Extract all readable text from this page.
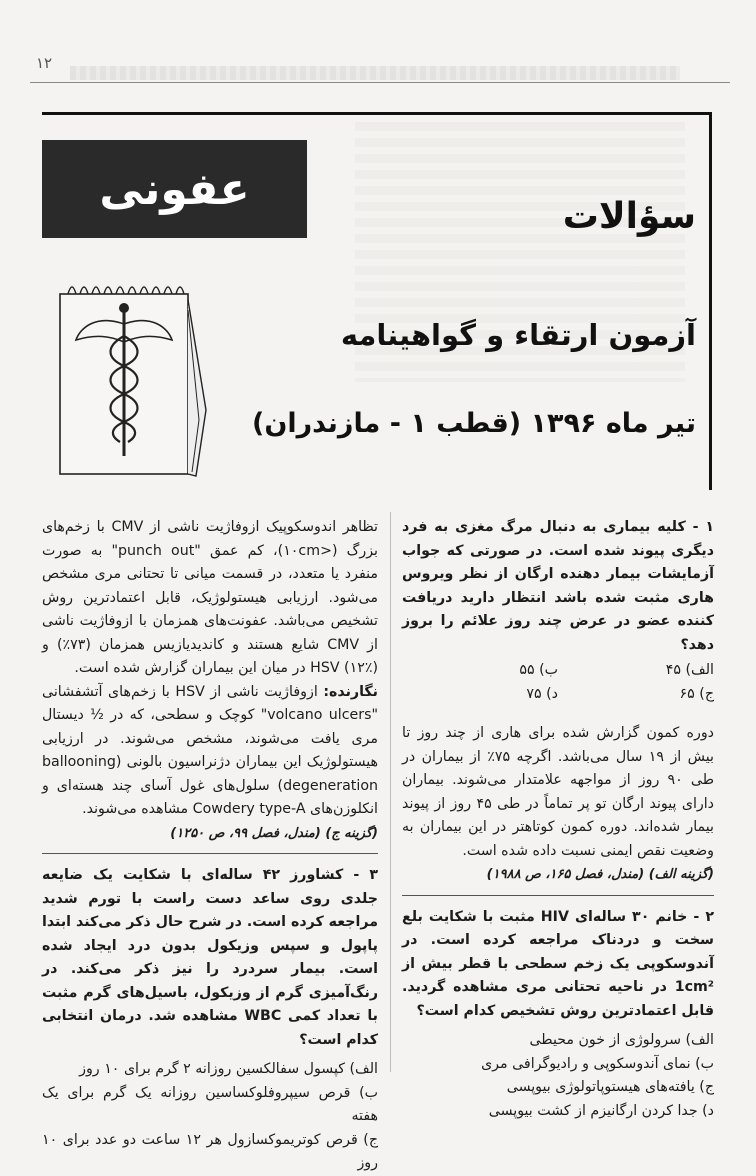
۱۲
عفونی
سؤالات
آزمون ارتقاء و گواهینامه
تیر ماه ۱۳۹۶ (قطب ۱ - مازندران)

۱ - کلیه بیماری به دنبال مرگ مغزی به فرد دیگری پیوند شده است. در صورتی که جواب آزمایشات بیمار دهنده ارگان از نظر ویروس هاری مثبت شده باشد انتظار دارید دریافت کننده عضو در عرض چند روز علائم را بروز دهد؟

الف) ۴۵
ب) ۵۵
ج) ۶۵
د) ۷۵

دوره کمون گزارش شده برای هاری از چند روز تا بیش از ۱۹ سال می‌باشد. اگرچه ۷۵٪ از بیماران در طی ۹۰ روز از مواجهه علامتدار می‌شوند. بیماران دارای پیوند ارگان تو پر تماماً در طی ۴۵ روز از پیوند بیمار شده‌اند. دوره کمون کوتاهتر در این بیماران به وضعیت نقص ایمنی نسبت داده شده است.

(گزینه الف) (مندل، فصل ۱۶۵، ص ۱۹۸۸)

۲ - خانم ۳۰ ساله‌ای HIV مثبت با شکایت بلع سخت و دردناک مراجعه کرده است. در آندوسکوپی یک زخم سطحی با قطر بیش از 1cm² در ناحیه تحتانی مری مشاهده گردید. قابل اعتمادترین روش تشخیص کدام است؟

الف) سرولوژی از خون محیطی
ب) نمای آندوسکوپی و رادیوگرافی مری
ج) یافته‌های هیستوپاتولوژی بیوپسی
د) جدا کردن ارگانیزم از کشت بیوپسی

تظاهر اندوسکوپیک ازوفاژیت ناشی از CMV با زخم‌های بزرگ (<۱۰cm)، کم عمق "punch out" به صورت منفرد یا متعدد، در قسمت میانی تا تحتانی مری مشخص می‌شود. ارزیابی هیستولوژیک، قابل اعتمادترین روش تشخیص می‌باشد. عفونت‌های همزمان با ازوفاژیت ناشی از CMV شایع هستند و کاندیدیازیس همزمان (۷۳٪) و HSV (۱۲٪) در میان این بیماران گزارش شده است.

نگارنده: ازوفاژیت ناشی از HSV با زخم‌های آتشفشانی "volcano ulcers" کوچک و سطحی، که در ½ دیستال مری یافت می‌شوند، مشخص می‌شوند. در ارزیابی هیستولوژیک این بیماران دژنراسیون بالونی (ballooning degeneration) سلول‌های غول آسای چند هسته‌ای و انکلوزن‌های Cowdery type-A مشاهده می‌شوند.

(گزینه ج) (مندل، فصل ۹۹، ص ۱۲۵۰)

۳ - کشاورز ۴۲ ساله‌ای با شکایت یک ضایعه جلدی روی ساعد دست راست با تورم شدید مراجعه کرده است. در شرح حال ذکر می‌کند ابتدا پاپول و سپس وزیکول بدون درد ایجاد شده است. بیمار سردرد را نیز ذکر می‌کند. در رنگ‌آمیزی گرم از وزیکول، باسیل‌های گرم مثبت با تعداد کمی WBC مشاهده شد. درمان انتخابی کدام است؟

الف) کپسول سفالکسین روزانه ۲ گرم برای ۱۰ روز
ب) قرص سیپروفلوکساسین روزانه یک گرم برای یک هفته
ج) قرص کوتریموکسازول هر ۱۲ ساعت دو عدد برای ۱۰ روز
